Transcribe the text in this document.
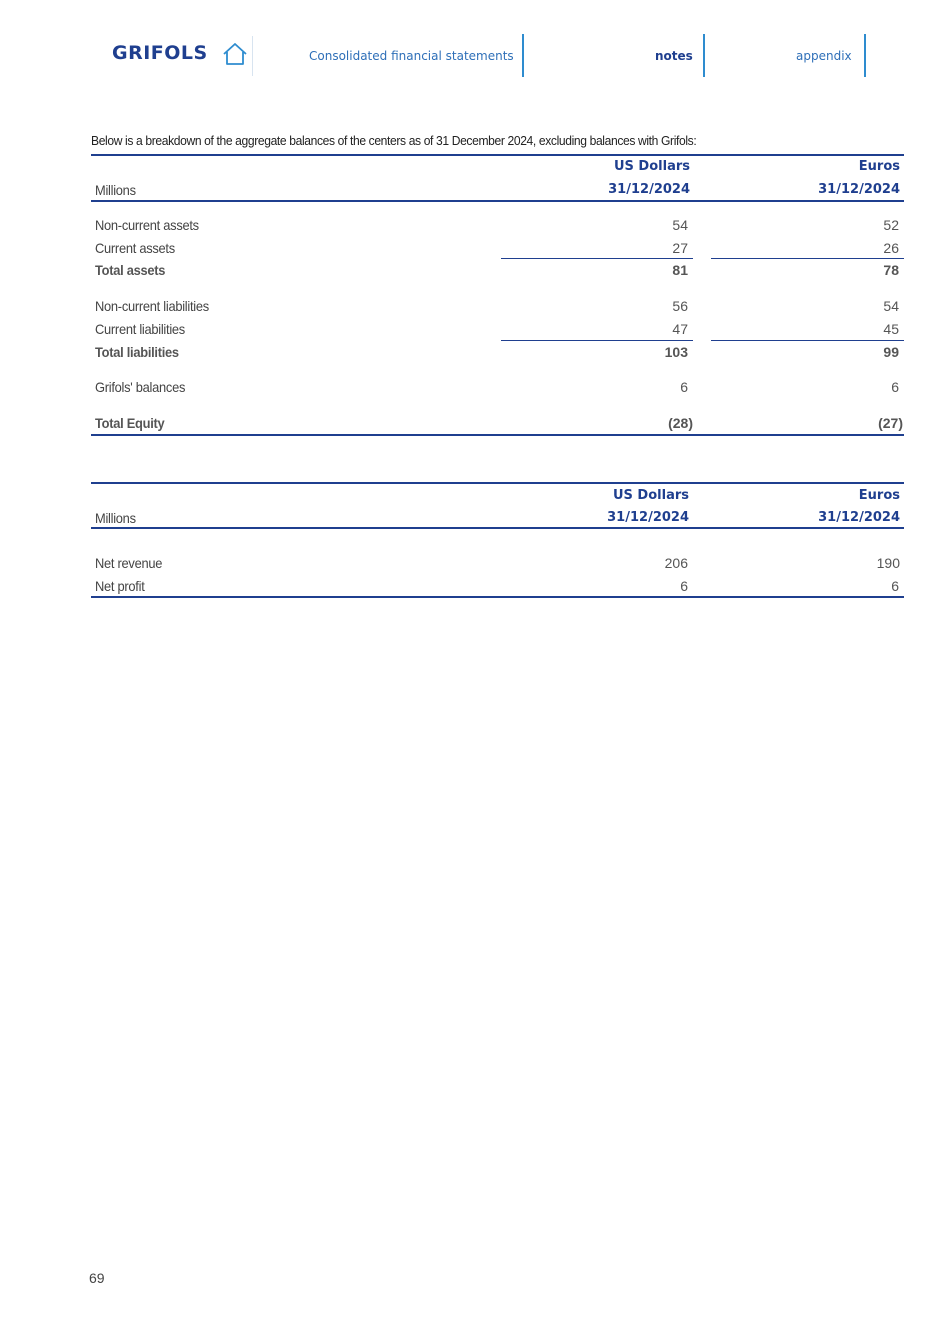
GRIFOLS	Consolidated financial statements	notes	appendix
Below is a breakdown of the aggregate balances of the centers as of 31 December 2024, excluding balances with Grifols:
US Dollars	Euros
Millions	31/12/2024	31/12/2024
Non-current assets	54	52
Current assets	27	26
Total assets	81	78
Non-current liabilities	56	54
Current liabilities	47	45
Total liabilities	103	99
Grifols' balances	6	6
Total Equity	(28)	(27)
US Dollars	Euros
Millions	31/12/2024	31/12/2024
Net revenue	206	190
Net profit	6	6
69
